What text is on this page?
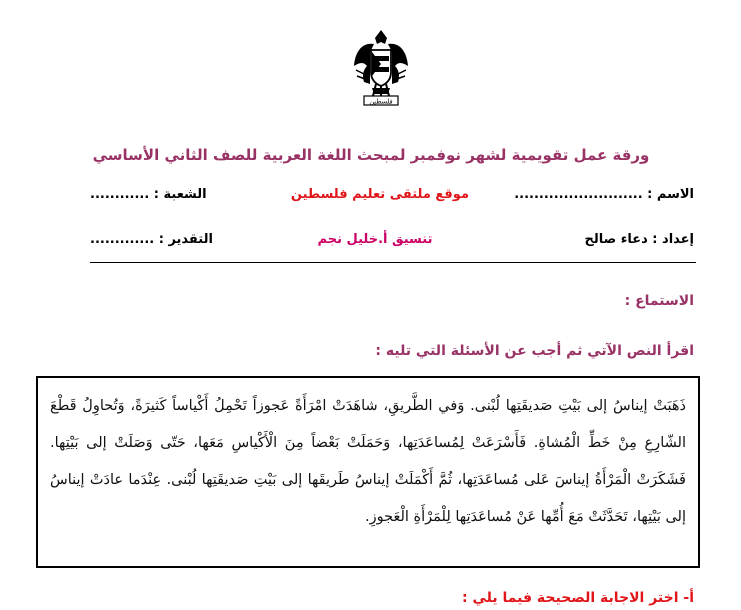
فلسطين
ورقة عمل تقويمية لشهر نوفمبر لمبحث اللغة العربية للصف الثاني الأساسي
الاسم : ..........................
موقع ملتقى تعليم فلسطين
الشعبة : ............
إعداد : دعاء صالح
تنسيق أ.خليل نجم
التقدير : .............
الاستماع :
اقرأ النص الآتي ثم أجب عن الأسئلة التي تليه :
ذَهَبَتْ إيناسُ إلى بَيْتِ صَديقَتِها لُبْنى. وَفي الطَّريقِ، شاهَدَتْ امْرَأَةً عَجوزاً تَحْمِلُ أَكْياساً كَثيرَةً، وَتُحاوِلُ قَطْعَ الشّارِعِ مِنْ خَطِّ الْمُشاةِ. فَأَسْرَعَتْ لِمُساعَدَتِها، وَحَمَلَتْ بَعْضاً مِنَ الْأَكْياسِ مَعَها، حَتّى وَصَلَتْ إلى بَيْتِها. فَشَكَرَتْ الْمَرْأَةُ إيناسَ عَلى مُساعَدَتِها، ثُمَّ أَكْمَلَتْ إيناسُ طَريقَها إلى بَيْتِ صَديقَتِها لُبْنى. عِنْدَما عادَتْ إيناسُ إلى بَيْتِها، تَحَدَّثَتْ مَعَ أُمِّها عَنْ مُساعَدَتِها لِلْمَرْأَةِ الْعَجوزِ.
أ- اختر الاجابة الصحيحة فيما يلي :
